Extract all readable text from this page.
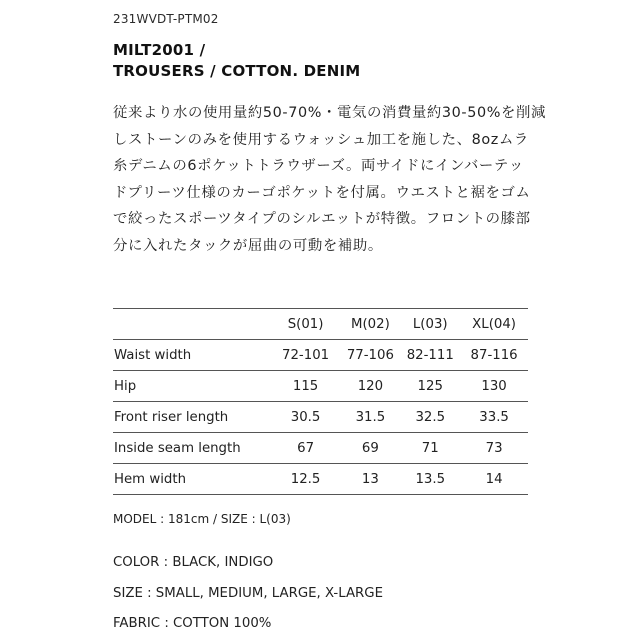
231WVDT-PTM02
MILT2001 /
TROUSERS / COTTON. DENIM
従来より水の使用量約50-70%・電気の消費量約30-50%を削減
しストーンのみを使用するウォッシュ加工を施した、8ozムラ
糸デニムの6ポケットトラウザーズ。両サイドにインバーテッ
ドプリーツ仕様のカーゴポケットを付属。ウエストと裾をゴム
で絞ったスポーツタイプのシルエットが特徴。フロントの膝部
分に入れたタックが屈曲の可動を補助。
	S(01)	M(02)	L(03)	XL(04)
Waist width	72-101	77-106	82-111	87-116
Hip	115	120	125	130
Front riser length	30.5	31.5	32.5	33.5
Inside seam length	67	69	71	73
Hem width	12.5	13	13.5	14
MODEL : 181cm / SIZE : L(03)
COLOR : BLACK, INDIGO
SIZE : SMALL, MEDIUM, LARGE, X-LARGE
FABRIC : COTTON 100%
